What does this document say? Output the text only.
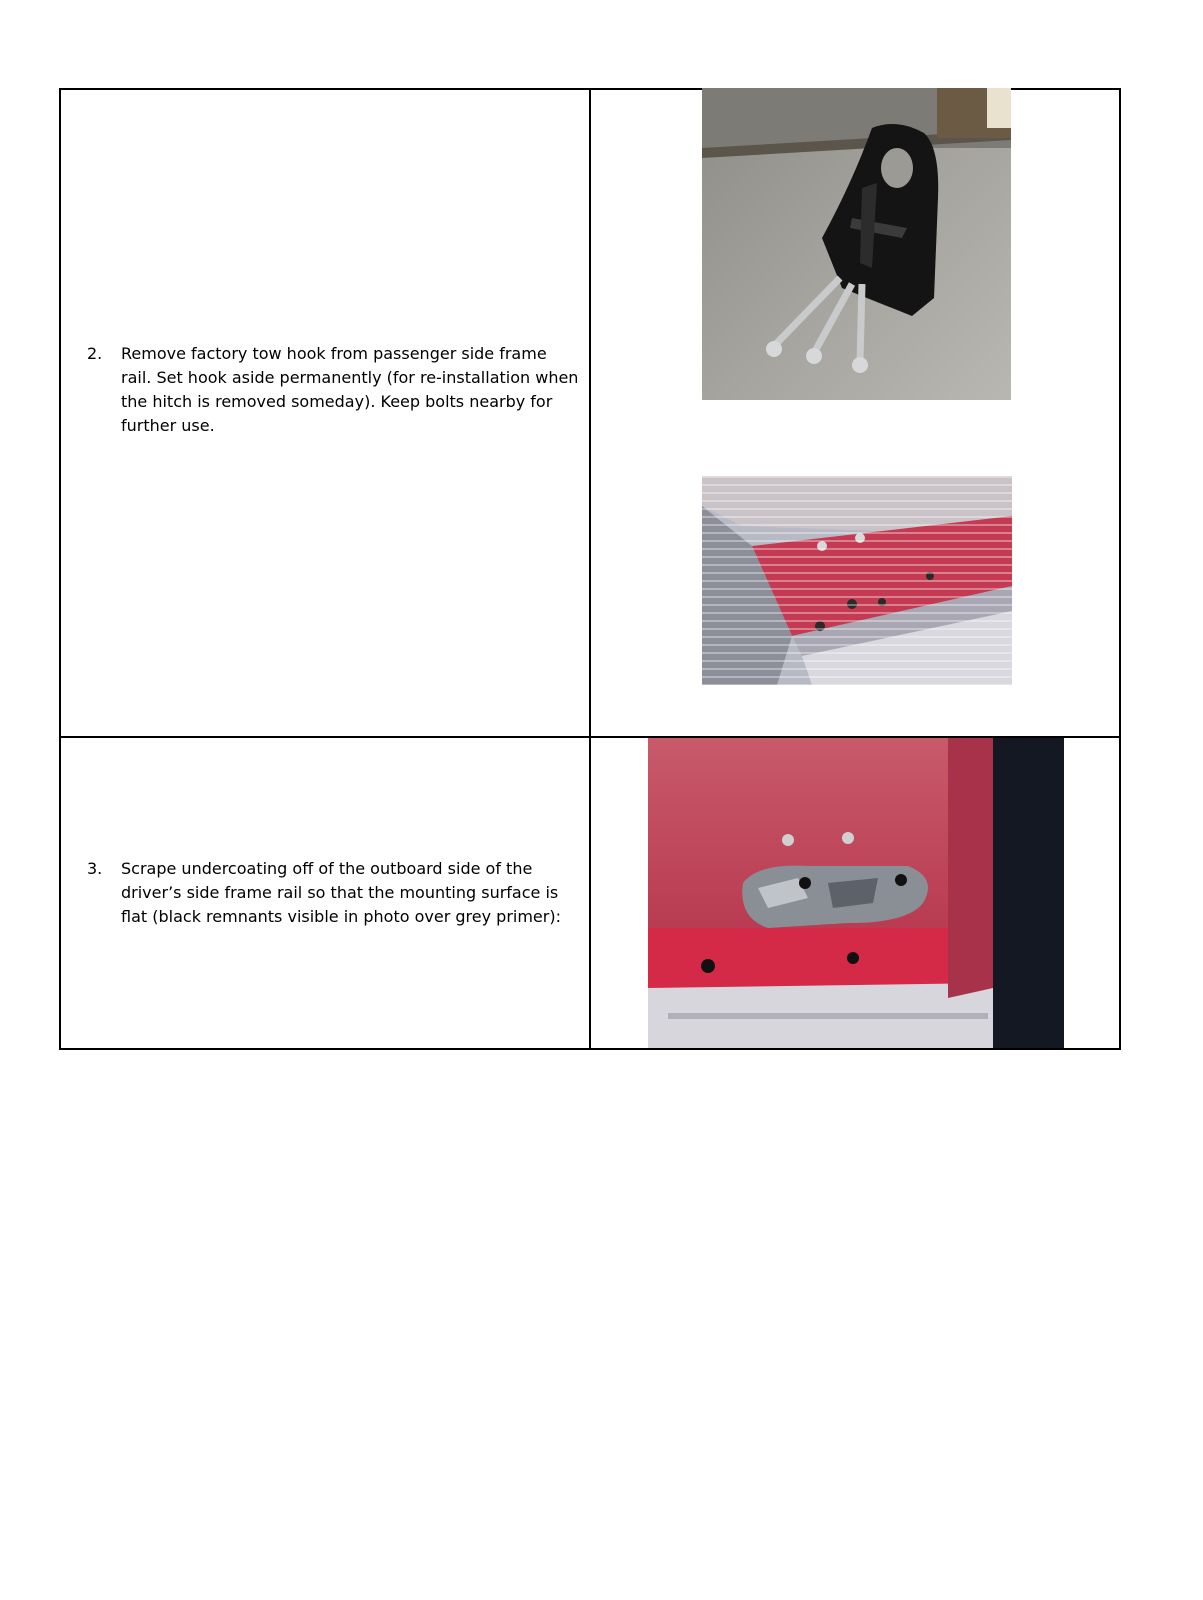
2.	Remove factory tow hook from passenger side frame rail. Set hook aside permanently (for re-installation when the hitch is removed someday). Keep bolts nearby for further use.
3.	Scrape undercoating off of the outboard side of the driver’s side frame rail so that the mounting surface is flat (black remnants visible in photo over grey primer):
